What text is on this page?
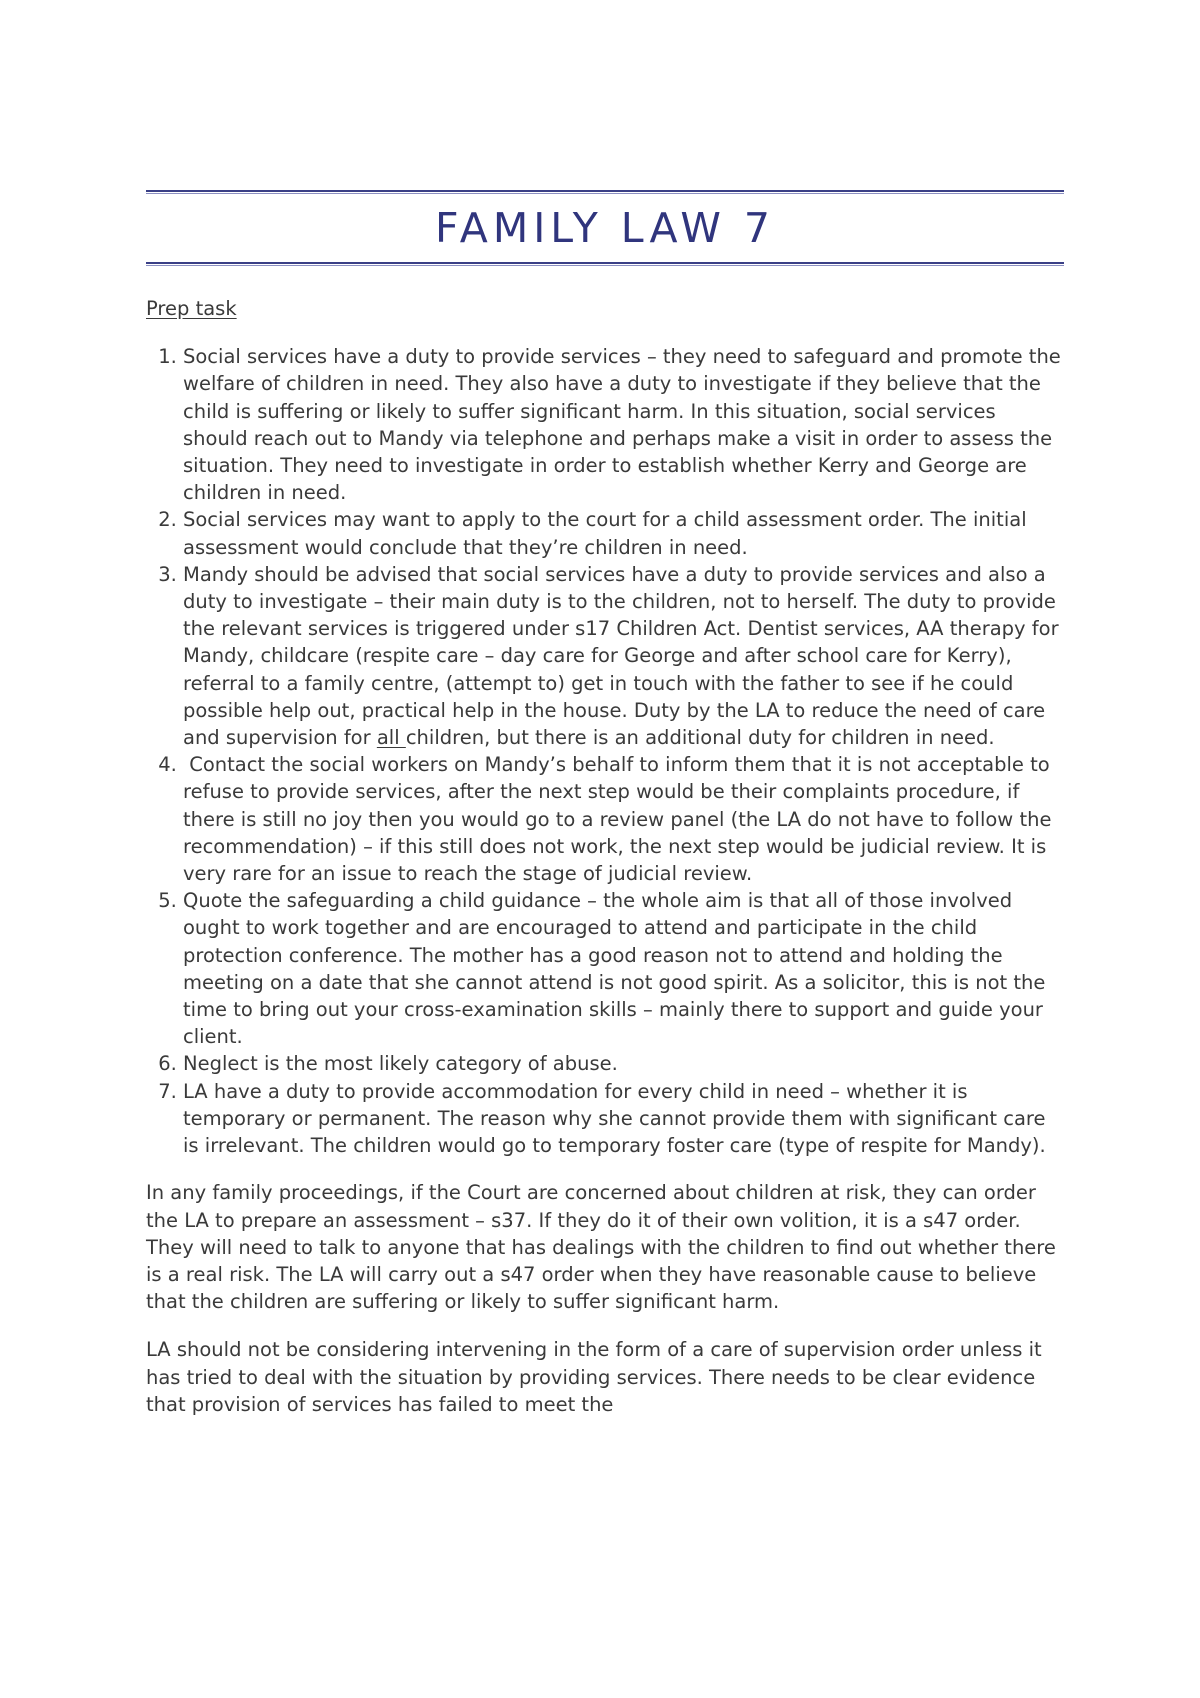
FAMILY LAW 7
Prep task
1. Social services have a duty to provide services – they need to safeguard and promote the welfare of children in need. They also have a duty to investigate if they believe that the child is suffering or likely to suffer significant harm. In this situation, social services should reach out to Mandy via telephone and perhaps make a visit in order to assess the situation. They need to investigate in order to establish whether Kerry and George are children in need.
2. Social services may want to apply to the court for a child assessment order. The initial assessment would conclude that they’re children in need.
3. Mandy should be advised that social services have a duty to provide services and also a duty to investigate – their main duty is to the children, not to herself. The duty to provide the relevant services is triggered under s17 Children Act. Dentist services, AA therapy for Mandy, childcare (respite care – day care for George and after school care for Kerry), referral to a family centre, (attempt to) get in touch with the father to see if he could possible help out, practical help in the house. Duty by the LA to reduce the need of care and supervision for all children, but there is an additional duty for children in need.
4.  Contact the social workers on Mandy’s behalf to inform them that it is not acceptable to refuse to provide services, after the next step would be their complaints procedure, if there is still no joy then you would go to a review panel (the LA do not have to follow the recommendation) – if this still does not work, the next step would be judicial review. It is very rare for an issue to reach the stage of judicial review.
5. Quote the safeguarding a child guidance – the whole aim is that all of those involved ought to work together and are encouraged to attend and participate in the child protection conference. The mother has a good reason not to attend and holding the meeting on a date that she cannot attend is not good spirit. As a solicitor, this is not the time to bring out your cross-examination skills – mainly there to support and guide your client.
6. Neglect is the most likely category of abuse.
7. LA have a duty to provide accommodation for every child in need – whether it is temporary or permanent. The reason why she cannot provide them with significant care is irrelevant. The children would go to temporary foster care (type of respite for Mandy).

In any family proceedings, if the Court are concerned about children at risk, they can order the LA to prepare an assessment – s37. If they do it of their own volition, it is a s47 order. They will need to talk to anyone that has dealings with the children to find out whether there is a real risk. The LA will carry out a s47 order when they have reasonable cause to believe that the children are suffering or likely to suffer significant harm.

LA should not be considering intervening in the form of a care of supervision order unless it has tried to deal with the situation by providing services. There needs to be clear evidence that provision of services has failed to meet the
